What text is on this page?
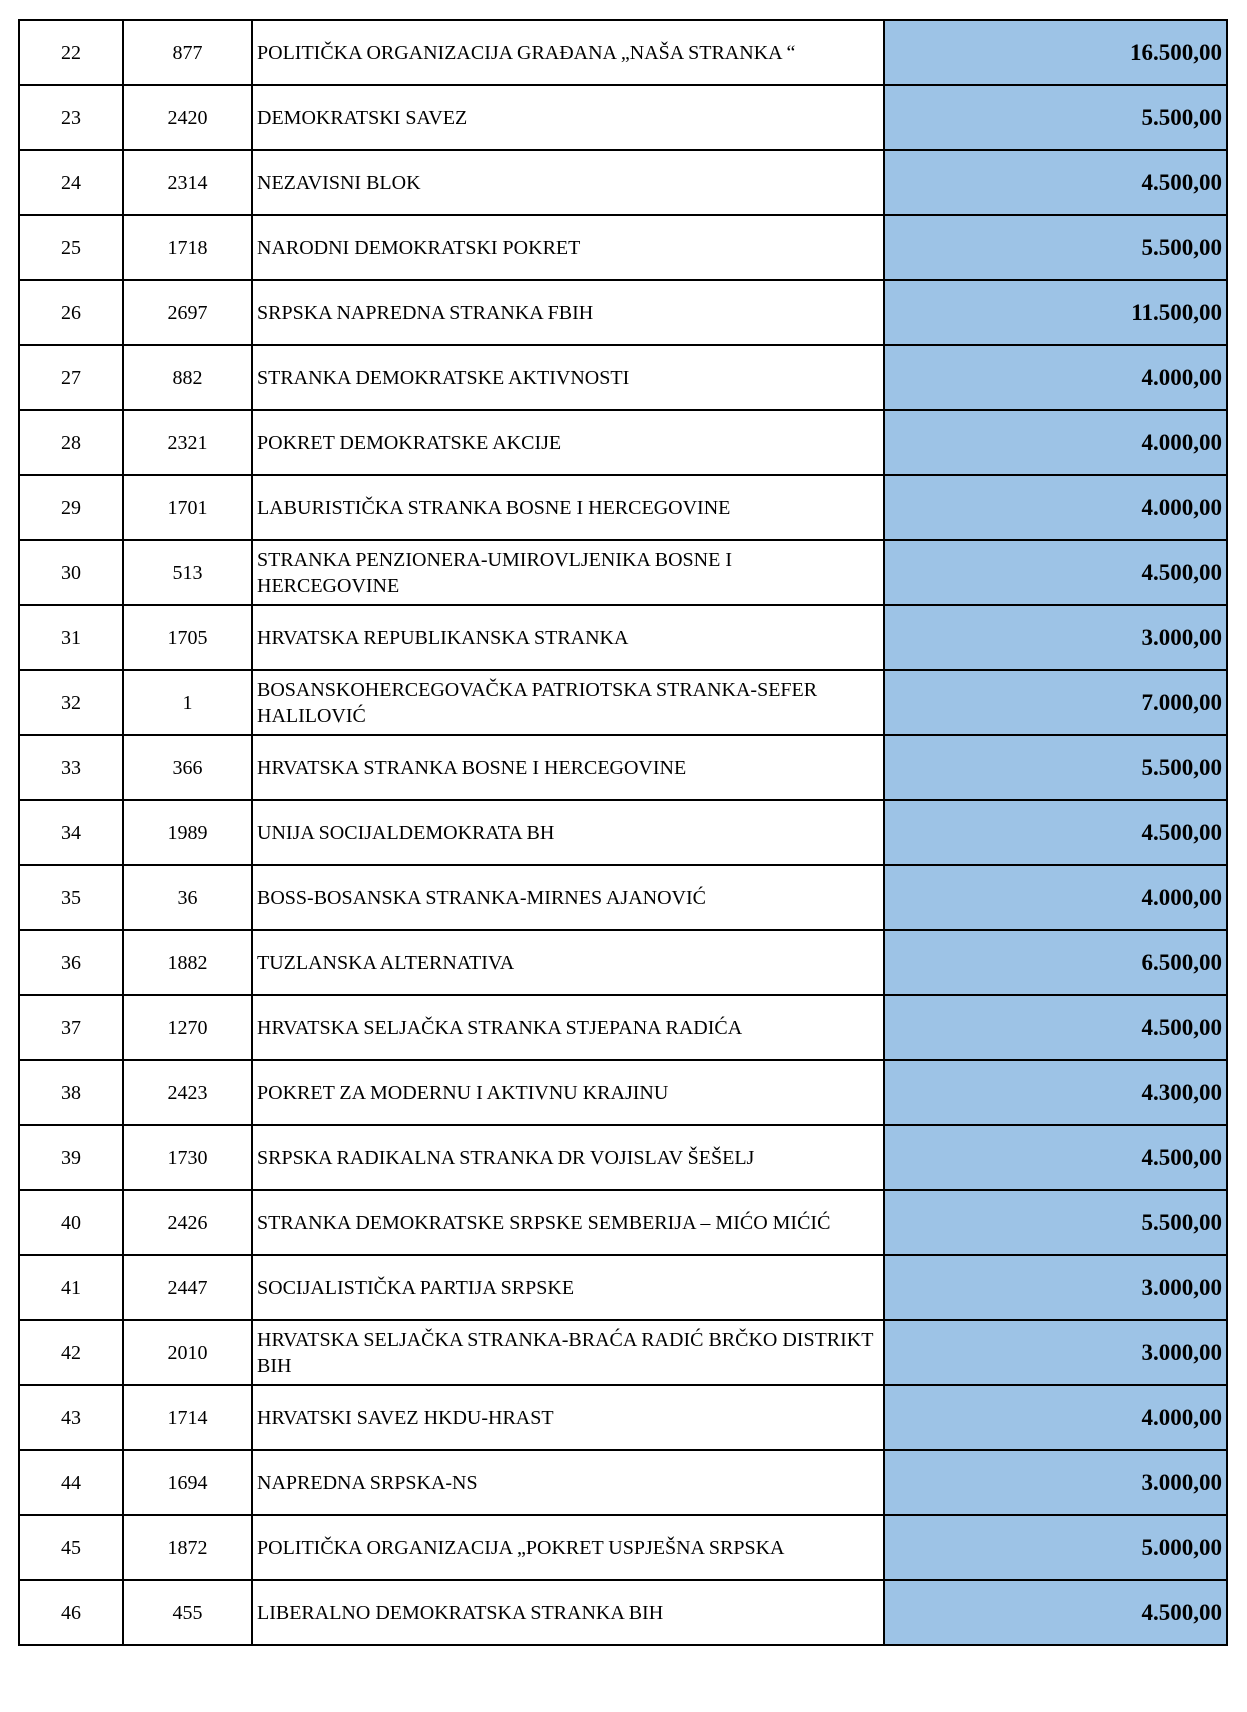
22	877	POLITIČKA ORGANIZACIJA GRAĐANA „NAŠA STRANKA “	16.500,00
23	2420	DEMOKRATSKI SAVEZ	5.500,00
24	2314	NEZAVISNI BLOK	4.500,00
25	1718	NARODNI DEMOKRATSKI POKRET	5.500,00
26	2697	SRPSKA NAPREDNA STRANKA FBIH	11.500,00
27	882	STRANKA DEMOKRATSKE AKTIVNOSTI	4.000,00
28	2321	POKRET DEMOKRATSKE AKCIJE	4.000,00
29	1701	LABURISTIČKA STRANKA BOSNE I HERCEGOVINE	4.000,00
30	513	STRANKA PENZIONERA-UMIROVLJENIKA BOSNE I HERCEGOVINE	4.500,00
31	1705	HRVATSKA REPUBLIKANSKA STRANKA	3.000,00
32	1	BOSANSKOHERCEGOVAČKA PATRIOTSKA STRANKA-SEFER HALILOVIĆ	7.000,00
33	366	HRVATSKA STRANKA BOSNE I HERCEGOVINE	5.500,00
34	1989	UNIJA SOCIJALDEMOKRATA BH	4.500,00
35	36	BOSS-BOSANSKA STRANKA-MIRNES AJANOVIĆ	4.000,00
36	1882	TUZLANSKA ALTERNATIVA	6.500,00
37	1270	HRVATSKA SELJAČKA STRANKA STJEPANA RADIĆA	4.500,00
38	2423	POKRET ZA MODERNU I AKTIVNU KRAJINU	4.300,00
39	1730	SRPSKA RADIKALNA STRANKA DR VOJISLAV ŠEŠELJ	4.500,00
40	2426	STRANKA DEMOKRATSKE SRPSKE SEMBERIJA – MIĆO MIĆIĆ	5.500,00
41	2447	SOCIJALISTIČKA PARTIJA SRPSKE	3.000,00
42	2010	HRVATSKA SELJAČKA STRANKA-BRAĆA RADIĆ BRČKO DISTRIKT BIH	3.000,00
43	1714	HRVATSKI SAVEZ HKDU-HRAST	4.000,00
44	1694	NAPREDNA SRPSKA-NS	3.000,00
45	1872	POLITIČKA ORGANIZACIJA „POKRET USPJEŠNA SRPSKA	5.000,00
46	455	LIBERALNO DEMOKRATSKA STRANKA BIH	4.500,00
